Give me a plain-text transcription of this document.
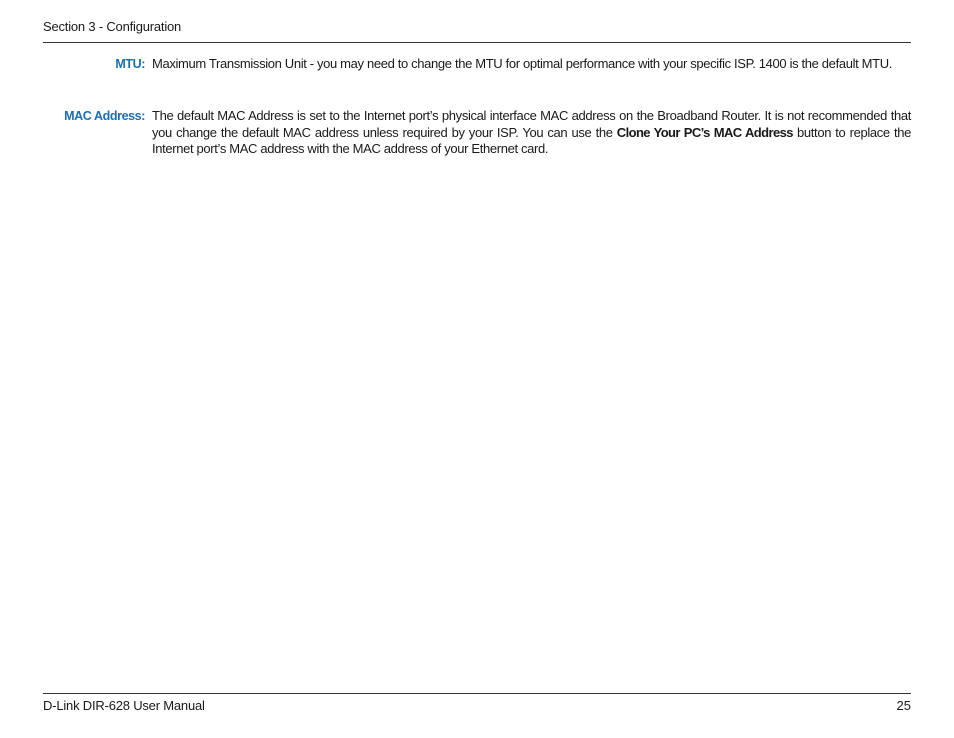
Section 3 - Configuration
MTU: Maximum Transmission Unit - you may need to change the MTU for optimal performance with your specific ISP. 1400 is the default MTU.
MAC Address: The default MAC Address is set to the Internet port’s physical interface MAC address on the Broadband Router. It is not recommended that you change the default MAC address unless required by your ISP. You can use the Clone Your PC’s MAC Address button to replace the Internet port’s MAC address with the MAC address of your Ethernet card.
D-Link DIR-628 User Manual	25
